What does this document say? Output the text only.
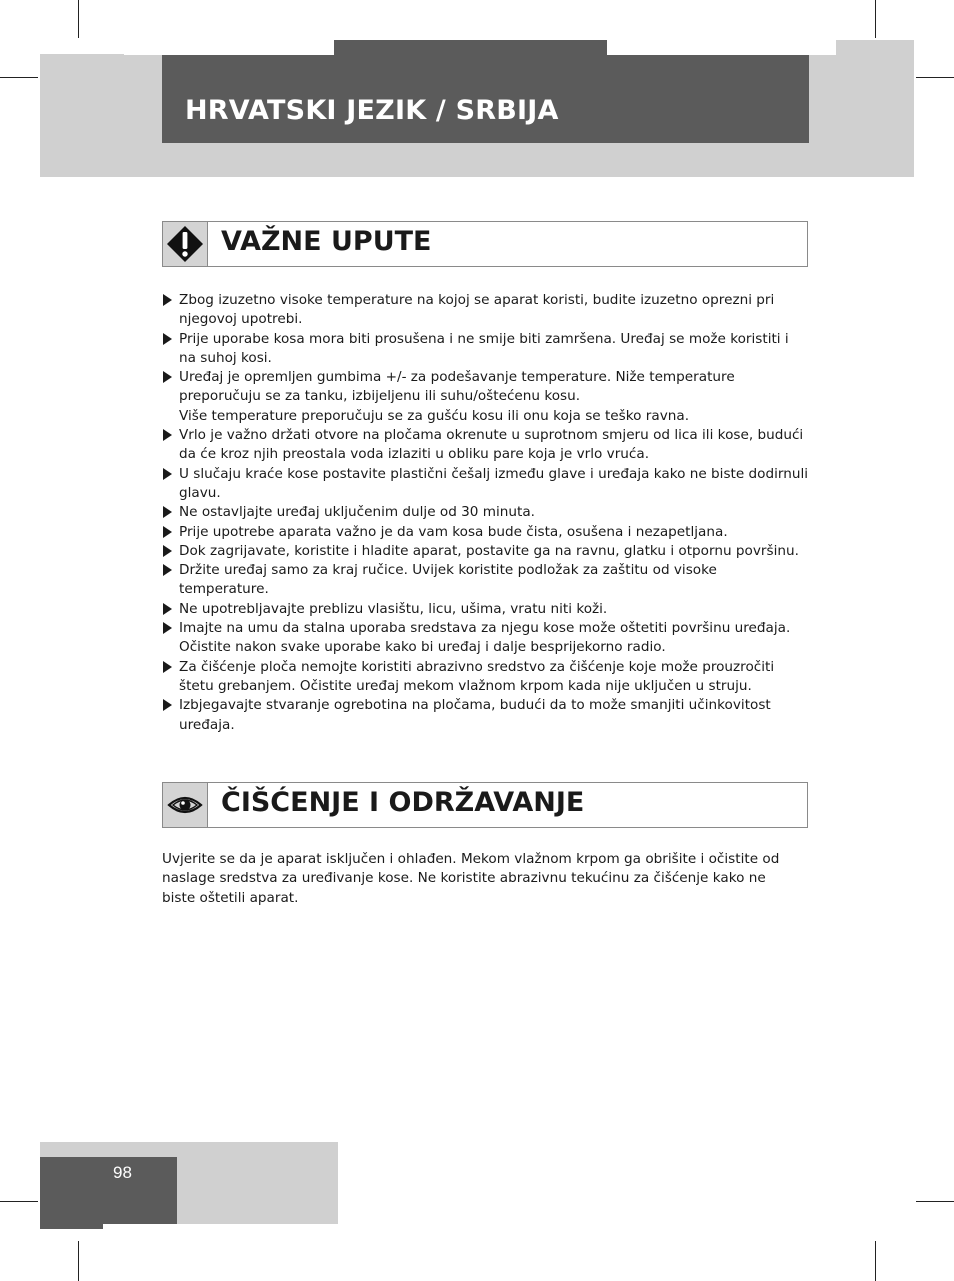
HRVATSKI JEZIK / SRBIJA
VAŽNE UPUTE
Zbog izuzetno visoke temperature na kojoj se aparat koristi, budite izuzetno oprezni pri
njegovoj upotrebi.
Prije uporabe kosa mora biti prosušena i ne smije biti zamršena. Uređaj se može koristiti i
na suhoj kosi.
Uređaj je opremljen gumbima +/- za podešavanje temperature. Niže temperature
preporučuju se za tanku, izbijeljenu ili suhu/oštećenu kosu.
Više temperature preporučuju se za gušću kosu ili onu koja se teško ravna.
Vrlo je važno držati otvore na pločama okrenute u suprotnom smjeru od lica ili kose, budući
da će kroz njih preostala voda izlaziti u obliku pare koja je vrlo vruća.
U slučaju kraće kose postavite plastični češalj između glave i uređaja kako ne biste dodirnuli
glavu.
Ne ostavljajte uređaj uključenim dulje od 30 minuta.
Prije upotrebe aparata važno je da vam kosa bude čista, osušena i nezapetljana.
Dok zagrijavate, koristite i hladite aparat, postavite ga na ravnu, glatku i otpornu površinu.
Držite uređaj samo za kraj ručice. Uvijek koristite podložak za zaštitu od visoke
temperature.
Ne upotrebljavajte preblizu vlasištu, licu, ušima, vratu niti koži.
Imajte na umu da stalna uporaba sredstava za njegu kose može oštetiti površinu uređaja.
Očistite nakon svake uporabe kako bi uređaj i dalje besprijekorno radio.
Za čišćenje ploča nemojte koristiti abrazivno sredstvo za čišćenje koje može prouzročiti
štetu grebanjem. Očistite uređaj mekom vlažnom krpom kada nije uključen u struju.
Izbjegavajte stvaranje ogrebotina na pločama, budući da to može smanjiti učinkovitost
uređaja.
ČIŠĆENJE I ODRŽAVANJE
Uvjerite se da je aparat isključen i ohlađen. Mekom vlažnom krpom ga obrišite i očistite od
naslage sredstva za uređivanje kose. Ne koristite abrazivnu tekućinu za čišćenje kako ne
biste oštetili aparat.
98
